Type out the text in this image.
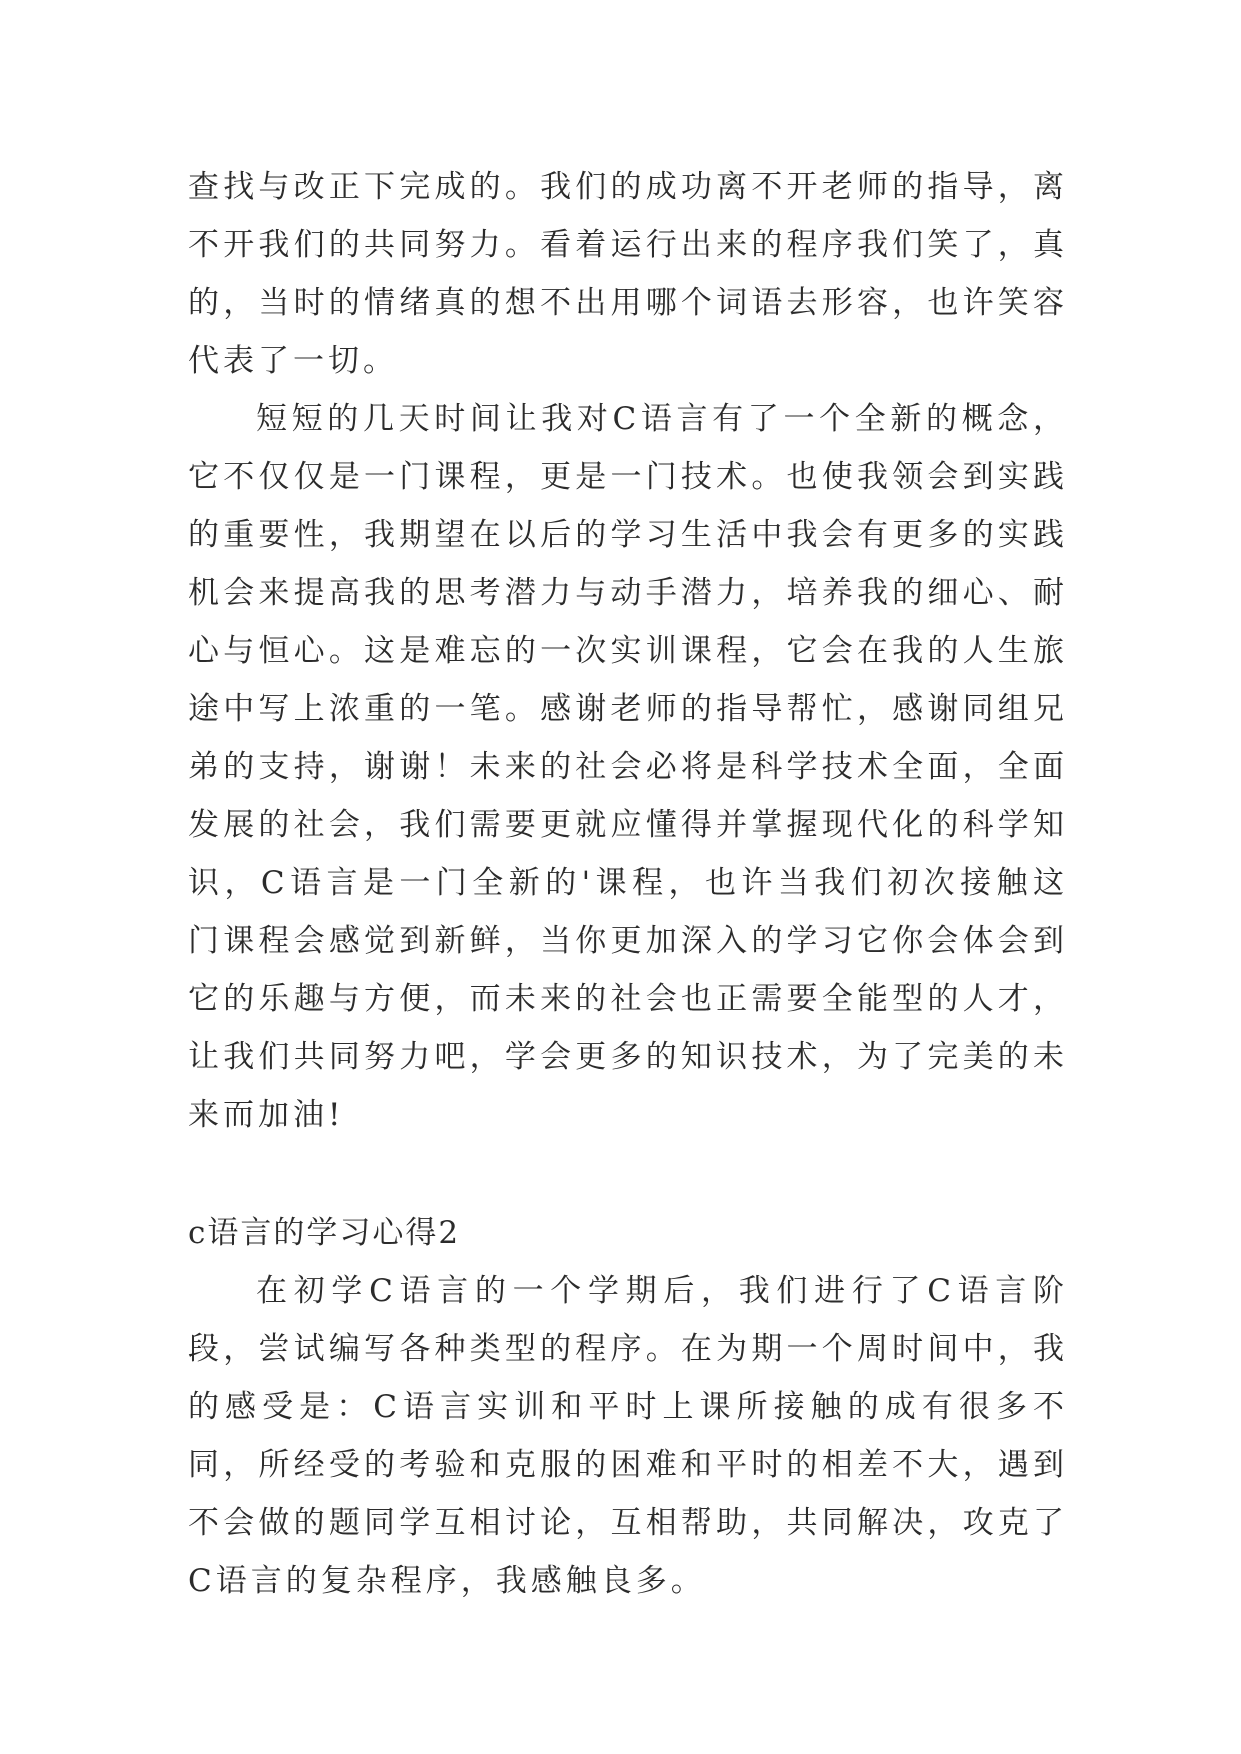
查找与改正下完成的。我们的成功离不开老师的指导，离不开我们的共同努力。看着运行出来的程序我们笑了，真的，当时的情绪真的想不出用哪个词语去形容，也许笑容代表了一切。

短短的几天时间让我对C语言有了一个全新的概念，它不仅仅是一门课程，更是一门技术。也使我领会到实践的重要性，我期望在以后的学习生活中我会有更多的实践机会来提高我的思考潜力与动手潜力，培养我的细心、耐心与恒心。这是难忘的一次实训课程，它会在我的人生旅途中写上浓重的一笔。感谢老师的指导帮忙，感谢同组兄弟的支持，谢谢！未来的社会必将是科学技术全面，全面发展的社会，我们需要更就应懂得并掌握现代化的科学知识，C语言是一门全新的'课程，也许当我们初次接触这门课程会感觉到新鲜，当你更加深入的学习它你会体会到它的乐趣与方便，而未来的社会也正需要全能型的人才，让我们共同努力吧，学会更多的知识技术，为了完美的未来而加油!

c语言的学习心得2

在初学C语言的一个学期后，我们进行了C语言阶段，尝试编写各种类型的程序。在为期一个周时间中，我的感受是：C语言实训和平时上课所接触的成有很多不同，所经受的考验和克服的困难和平时的相差不大，遇到不会做的题同学互相讨论，互相帮助，共同解决，攻克了C语言的复杂程序，我感触良多。
